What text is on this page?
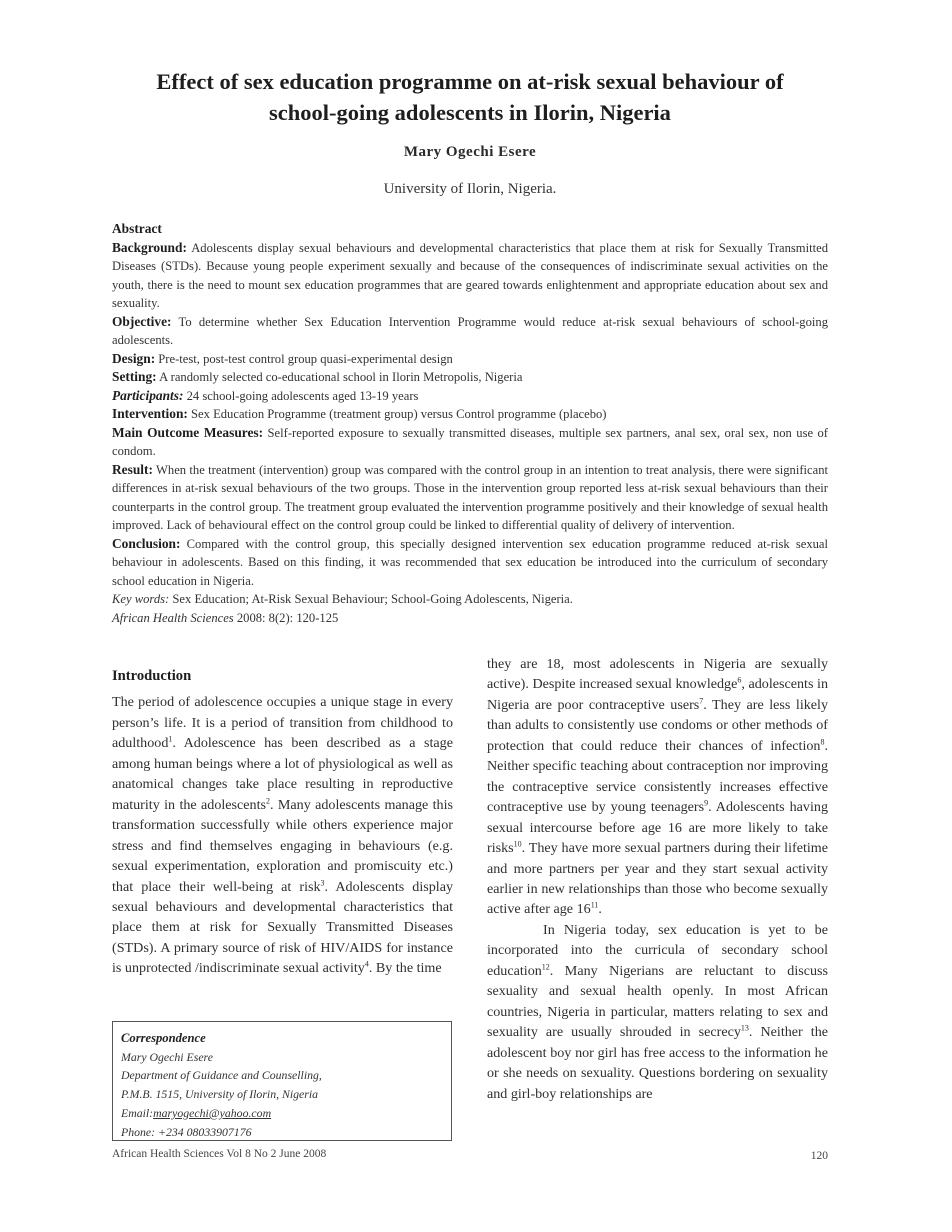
Effect of sex education programme on at-risk sexual behaviour of
school-going adolescents in Ilorin, Nigeria
Mary Ogechi Esere
University of Ilorin, Nigeria.

Abstract

Background: Adolescents display sexual behaviours and developmental characteristics that place them at risk for Sexually Transmitted Diseases (STDs). Because young people experiment sexually and because of the consequences of indiscriminate sexual activities on the youth, there is the need to mount sex education programmes that are geared towards enlightenment and appropriate education about sex and sexuality.

Objective: To determine whether Sex Education Intervention Programme would reduce at-risk sexual behaviours of school-going adolescents.

Design: Pre-test, post-test control group quasi-experimental design

Setting: A randomly selected co-educational school in Ilorin Metropolis, Nigeria

Participants: 24 school-going adolescents aged 13-19 years

Intervention: Sex Education Programme (treatment group) versus Control programme (placebo)

Main Outcome Measures: Self-reported exposure to sexually transmitted diseases, multiple sex partners, anal sex, oral sex, non use of condom.

Result: When the treatment (intervention) group was compared with the control group in an intention to treat analysis, there were significant differences in at-risk sexual behaviours of the two groups. Those in the intervention group reported less at-risk sexual behaviours than their counterparts in the control group. The treatment group evaluated the intervention programme positively and their knowledge of sexual health improved. Lack of behavioural effect on the control group could be linked to differential quality of delivery of intervention.

Conclusion: Compared with the control group, this specially designed intervention sex education programme reduced at-risk sexual behaviour in adolescents. Based on this finding, it was recommended that sex education be introduced into the curriculum of secondary school education in Nigeria.

Key words: Sex Education; At-Risk Sexual Behaviour; School-Going Adolescents, Nigeria.

African Health Sciences 2008: 8(2): 120-125

Introduction

The period of adolescence occupies a unique stage in every person’s life. It is a period of transition from childhood to adulthood$^1$. Adolescence has been described as a stage among human beings where a lot of physiological as well as anatomical changes take place resulting in reproductive maturity in the adolescents$^2$. Many adolescents manage this transformation successfully while others experience major stress and find themselves engaging in behaviours (e.g. sexual experimentation, exploration and promiscuity etc.) that place their well-being at risk$^3$. Adolescents display sexual behaviours and developmental characteristics that place them at risk for Sexually Transmitted Diseases (STDs). A primary source of risk of HIV/AIDS for instance is unprotected /indiscriminate sexual activity$^4$. By the time

they are 18, most adolescents in Nigeria are sexually active). Despite increased sexual knowledge$^6$, adolescents in Nigeria are poor contraceptive users$^7$. They are less likely than adults to consistently use condoms or other methods of protection that could reduce their chances of infection$^8$. Neither specific teaching about contraception nor improving the contraceptive service consistently increases effective contraceptive use by young teenagers$^9$. Adolescents having sexual intercourse before age 16 are more likely to take risks$^{10}$. They have more sexual partners during their lifetime and more partners per year and they start sexual activity earlier in new relationships than those who become sexually active after age $16^{11}$.

In Nigeria today, sex education is yet to be incorporated into the curricula of secondary school education$^{12}$. Many Nigerians are reluctant to discuss sexuality and sexual health openly. In most African countries, Nigeria in particular, matters relating to sex and sexuality are usually shrouded in secrecy$^{13}$. Neither the adolescent boy nor girl has free access to the information he or she needs on sexuality. Questions bordering on sexuality and girl-boy relationships are

Correspondence
Mary Ogechi Esere
Department of Guidance and Counselling,
P.M.B. 1515, University of Ilorin, Nigeria
Email:maryogechi@yahoo.com
Phone: +234 08033907176
African Health Sciences Vol 8 No 2 June 2008	120
